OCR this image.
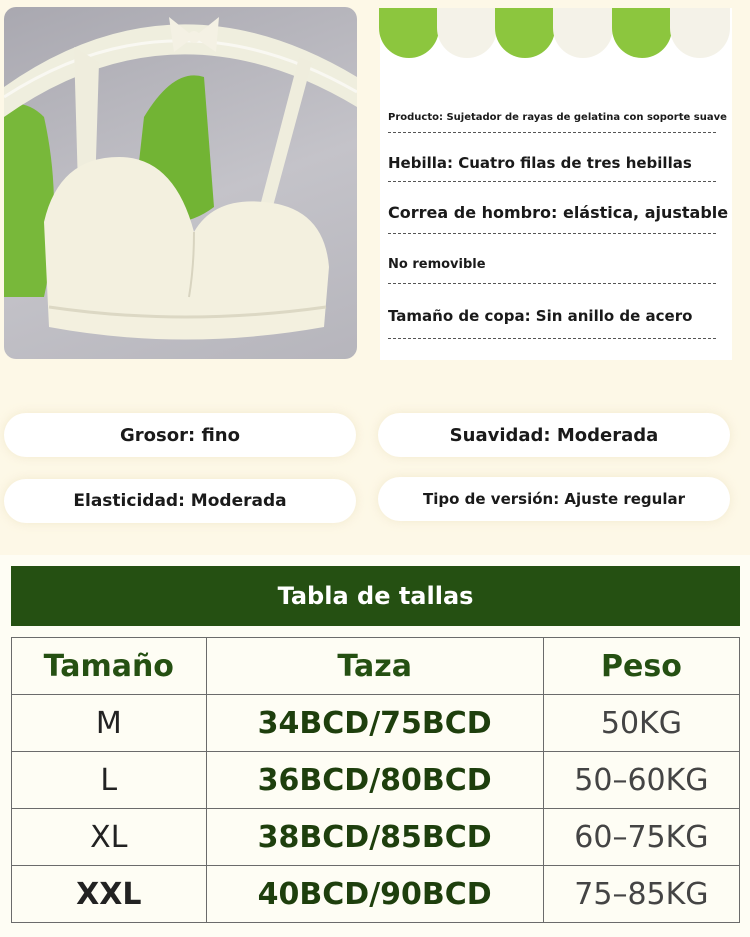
Producto: Sujetador de rayas de gelatina con soporte suave
Hebilla: Cuatro filas de tres hebillas
Correa de hombro: elástica, ajustable
No removible
Tamaño de copa: Sin anillo de acero
Grosor: fino	Suavidad: Moderada
Elasticidad: Moderada	Tipo de versión: Ajuste regular
Tabla de tallas
Tamaño	Taza	Peso
M	34BCD/75BCD	50KG
L	36BCD/80BCD	50–60KG
XL	38BCD/85BCD	60–75KG
XXL	40BCD/90BCD	75–85KG
